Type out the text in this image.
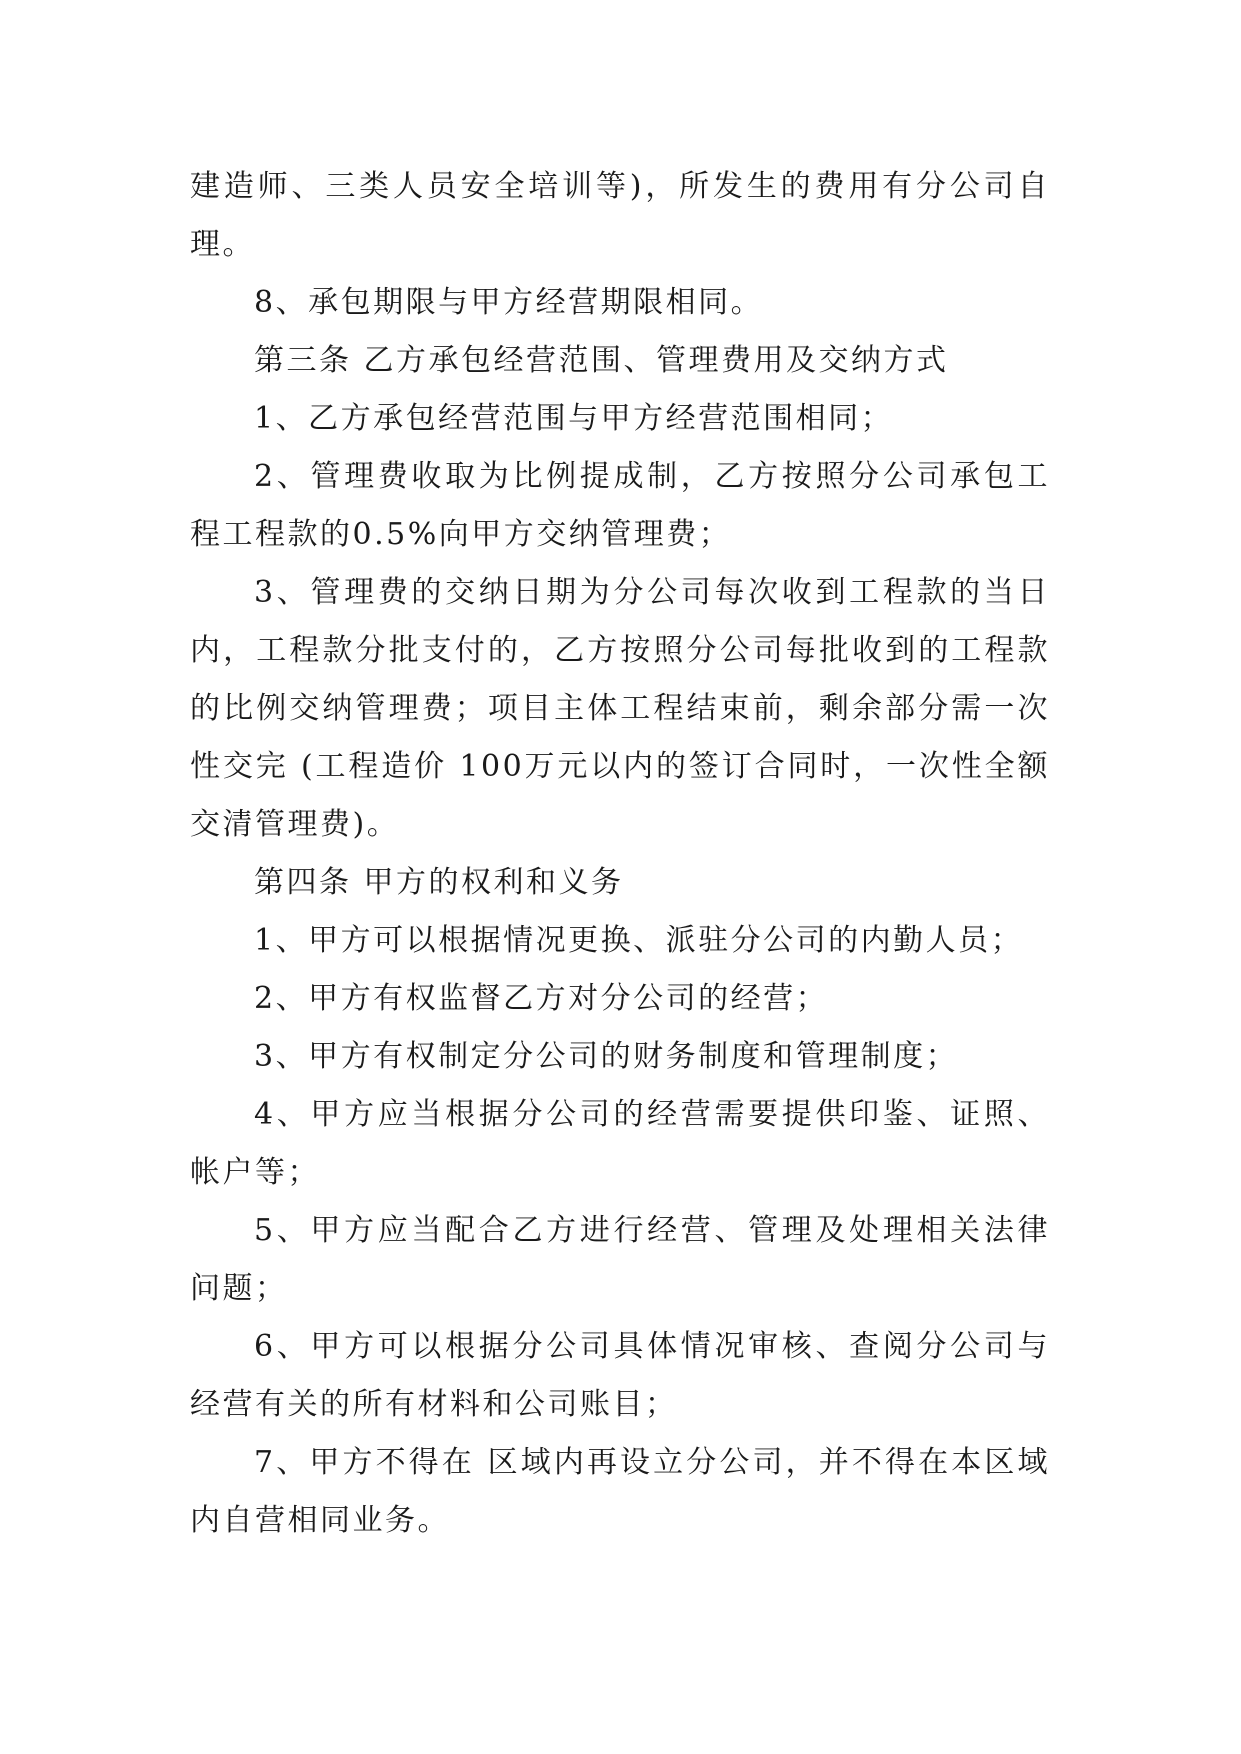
建造师、三类人员安全培训等)，所发生的费用有分公司自理。

8、承包期限与甲方经营期限相同。

第三条 乙方承包经营范围、管理费用及交纳方式

1、乙方承包经营范围与甲方经营范围相同；

2、管理费收取为比例提成制，乙方按照分公司承包工程工程款的0.5%向甲方交纳管理费；

3、管理费的交纳日期为分公司每次收到工程款的当日内，工程款分批支付的，乙方按照分公司每批收到的工程款的比例交纳管理费；项目主体工程结束前，剩余部分需一次性交完 (工程造价 100万元以内的签订合同时，一次性全额交清管理费)。

第四条 甲方的权利和义务

1、甲方可以根据情况更换、派驻分公司的内勤人员；

2、甲方有权监督乙方对分公司的经营；

3、甲方有权制定分公司的财务制度和管理制度；

4、甲方应当根据分公司的经营需要提供印鉴、证照、帐户等；

5、甲方应当配合乙方进行经营、管理及处理相关法律问题；

6、甲方可以根据分公司具体情况审核、查阅分公司与经营有关的所有材料和公司账目；

7、甲方不得在 区域内再设立分公司，并不得在本区域内自营相同业务。
